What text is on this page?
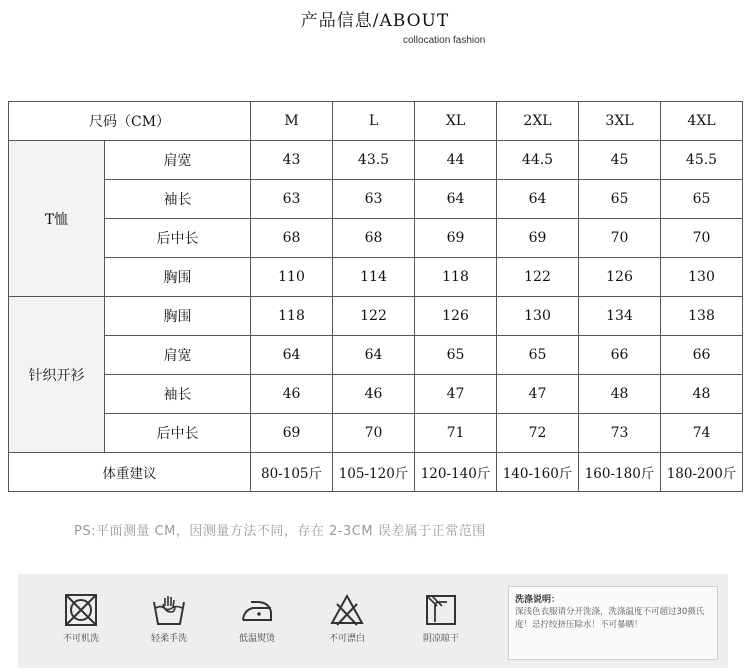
产品信息/ABOUT
collocation fashion
尺码（CM）		M	L	XL	2XL	3XL	4XL
T恤	肩宽	43	43.5	44	44.5	45	45.5
	袖长	63	63	64	64	65	65
	后中长	68	68	69	69	70	70
	胸围	110	114	118	122	126	130
针织开衫	胸围	118	122	126	130	134	138
	肩宽	64	64	65	65	66	66
	袖长	46	46	47	47	48	48
	后中长	69	70	71	72	73	74
体重建议		80-105斤	105-120斤	120-140斤	140-160斤	160-180斤	180-200斤
PS:平面测量 CM，因测量方法不同，存在 2-3CM 误差属于正常范围
不可机洗	轻柔手洗	低温熨烫	不可漂白	阴凉晾干
洗涤说明：
深浅色衣服请分开洗涤，洗涤温度不可超过30摄氏度！忌拧绞挤压除水！不可暴晒！
